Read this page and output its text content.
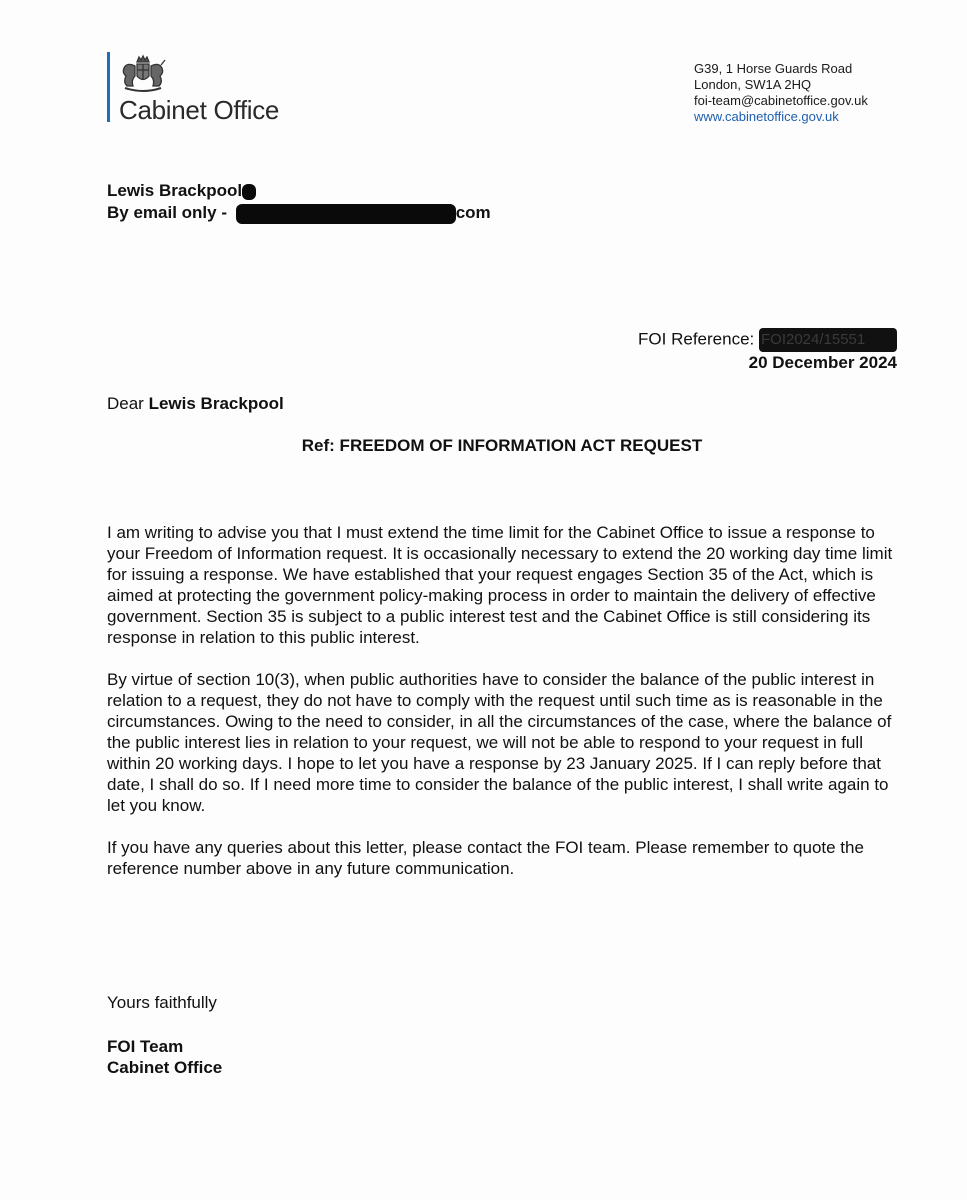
Cabinet Office
G39, 1 Horse Guards Road
London, SW1A 2HQ
foi-team@cabinetoffice.gov.uk
www.cabinetoffice.gov.uk
Lewis Brackpool
By email only -	com
FOI Reference: FOI2024/15551
20 December 2024
Dear Lewis Brackpool
Ref: FREEDOM OF INFORMATION ACT REQUEST

I am writing to advise you that I must extend the time limit for the Cabinet Office to issue a response to your Freedom of Information request. It is occasionally necessary to extend the 20 working day time limit for issuing a response. We have established that your request engages Section 35 of the Act, which is aimed at protecting the government policy-making process in order to maintain the delivery of effective government. Section 35 is subject to a public interest test and the Cabinet Office is still considering its response in relation to this public interest.

By virtue of section 10(3), when public authorities have to consider the balance of the public interest in relation to a request, they do not have to comply with the request until such time as is reasonable in the circumstances. Owing to the need to consider, in all the circumstances of the case, where the balance of the public interest lies in relation to your request, we will not be able to respond to your request in full within 20 working days. I hope to let you have a response by 23 January 2025. If I can reply before that date, I shall do so. If I need more time to consider the balance of the public interest, I shall write again to let you know.

If you have any queries about this letter, please contact the FOI team. Please remember to quote the reference number above in any future communication.

Yours faithfully
FOI Team
Cabinet Office
